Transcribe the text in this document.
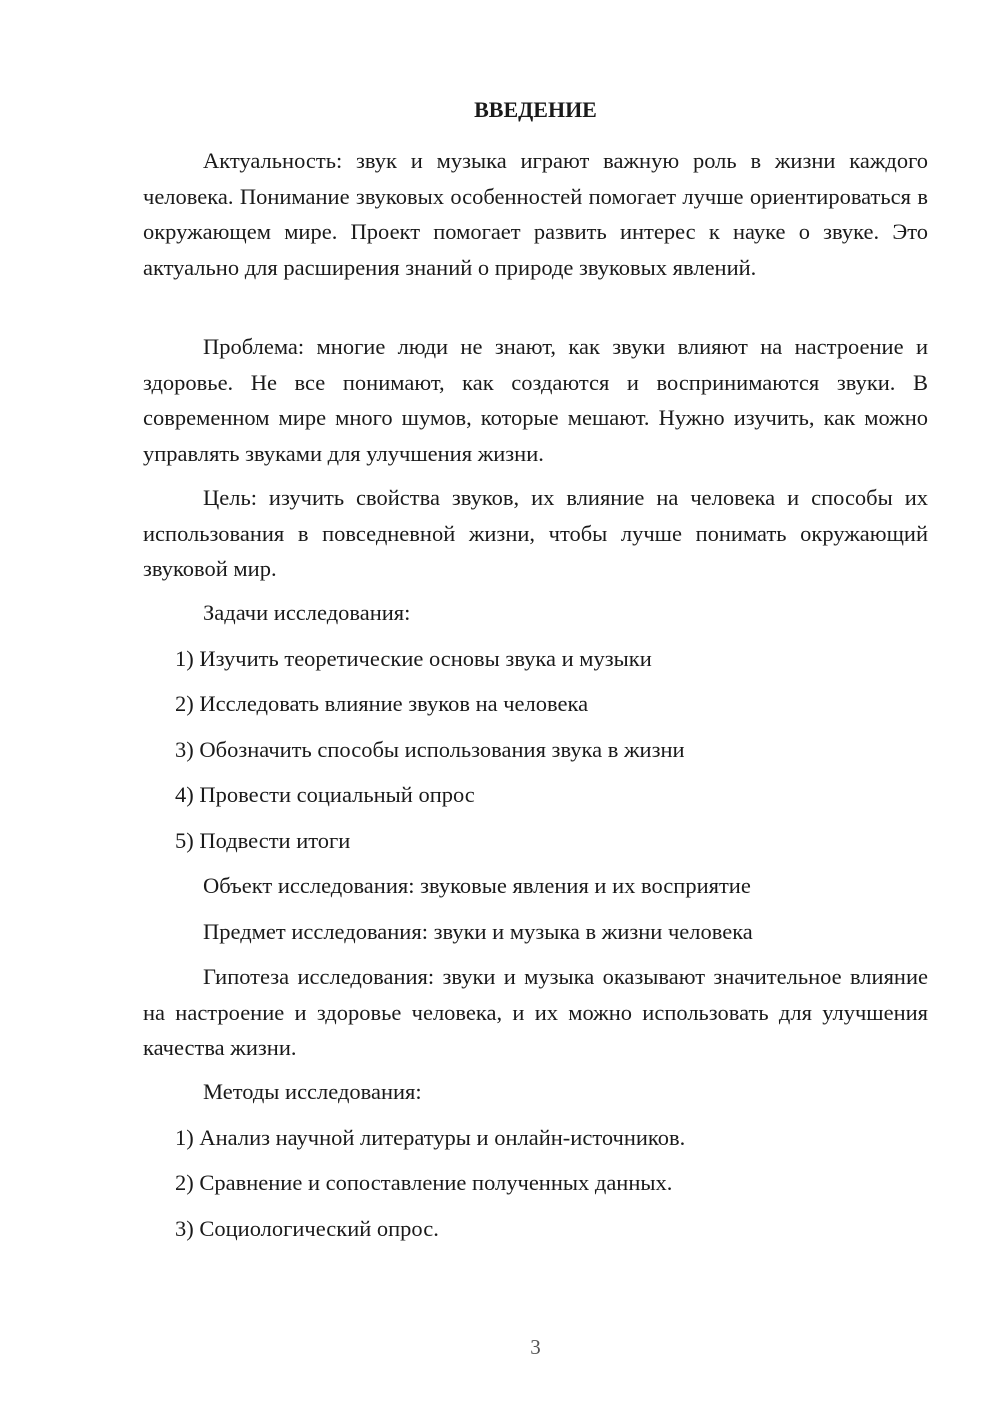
ВВЕДЕНИЕ

Актуальность: звук и музыка играют важную роль в жизни каждого человека. Понимание звуковых особенностей помогает лучше ориентироваться в окружающем мире. Проект помогает развить интерес к науке о звуке. Это актуально для расширения знаний о природе звуковых явлений.

Проблема: многие люди не знают, как звуки влияют на настроение и здоровье. Не все понимают, как создаются и воспринимаются звуки. В современном мире много шумов, которые мешают. Нужно изучить, как можно управлять звуками для улучшения жизни.

Цель: изучить свойства звуков, их влияние на человека и способы их использования в повседневной жизни, чтобы лучше понимать окружающий звуковой мир.

Задачи исследования:

1) Изучить теоретические основы звука и музыки

2) Исследовать влияние звуков на человека

3) Обозначить способы использования звука в жизни

4) Провести социальный опрос

5) Подвести итоги

Объект исследования: звуковые явления и их восприятие

Предмет исследования: звуки и музыка в жизни человека

Гипотеза исследования: звуки и музыка оказывают значительное влияние на настроение и здоровье человека, и их можно использовать для улучшения качества жизни.

Методы исследования:

1) Анализ научной литературы и онлайн-источников.

2) Сравнение и сопоставление полученных данных.

3) Социологический опрос.

3
